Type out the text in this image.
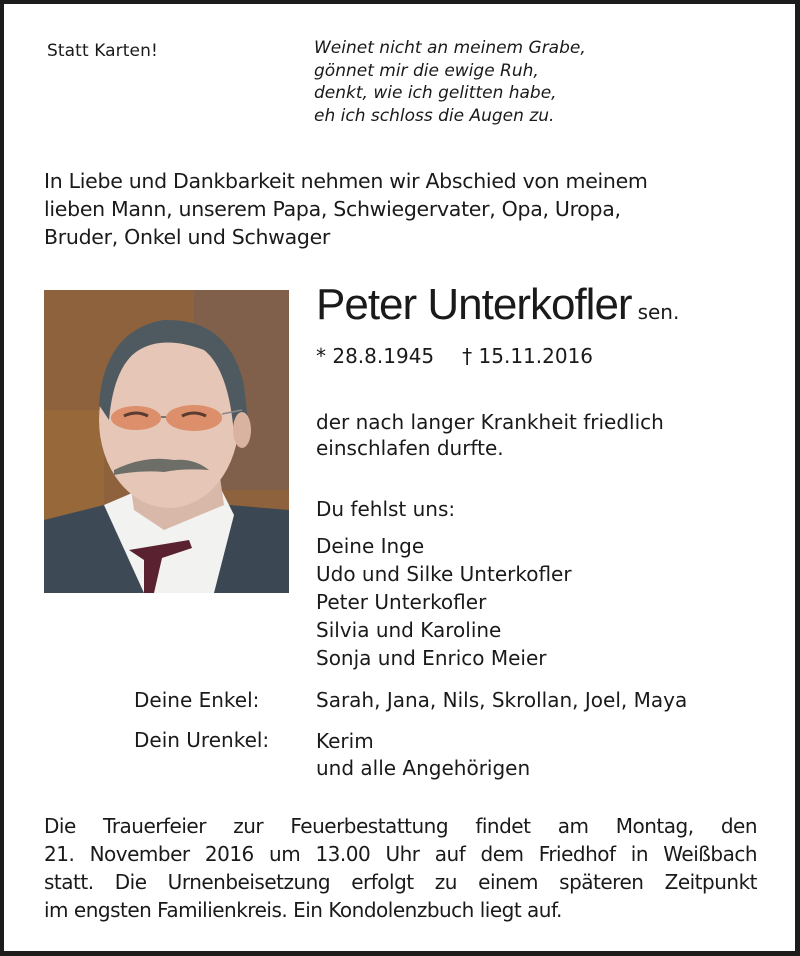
Statt Karten!	Weinet nicht an meinem Grabe,
gönnet mir die ewige Ruh,
denkt, wie ich gelitten habe,
eh ich schloss die Augen zu.
In Liebe und Dankbarkeit nehmen wir Abschied von meinem
lieben Mann, unserem Papa, Schwiegervater, Opa, Uropa,
Bruder, Onkel und Schwager
Peter Unterkofler sen.
* 28.8.1945 † 15.11.2016
der nach langer Krankheit friedlich
einschlafen durfte.
Du fehlst uns:
Deine Inge
Udo und Silke Unterkofler
Peter Unterkofler
Silvia und Karoline
Sonja und Enrico Meier
Deine Enkel:	Sarah, Jana, Nils, Skrollan, Joel, Maya
Dein Urenkel: Kerim
und alle Angehörigen
Die Trauerfeier zur Feuerbestattung findet am Montag, den
21. November 2016 um 13.00 Uhr auf dem Friedhof in Weißbach
statt. Die Urnenbeisetzung erfolgt zu einem späteren Zeitpunkt
im engsten Familienkreis. Ein Kondolenzbuch liegt auf.
